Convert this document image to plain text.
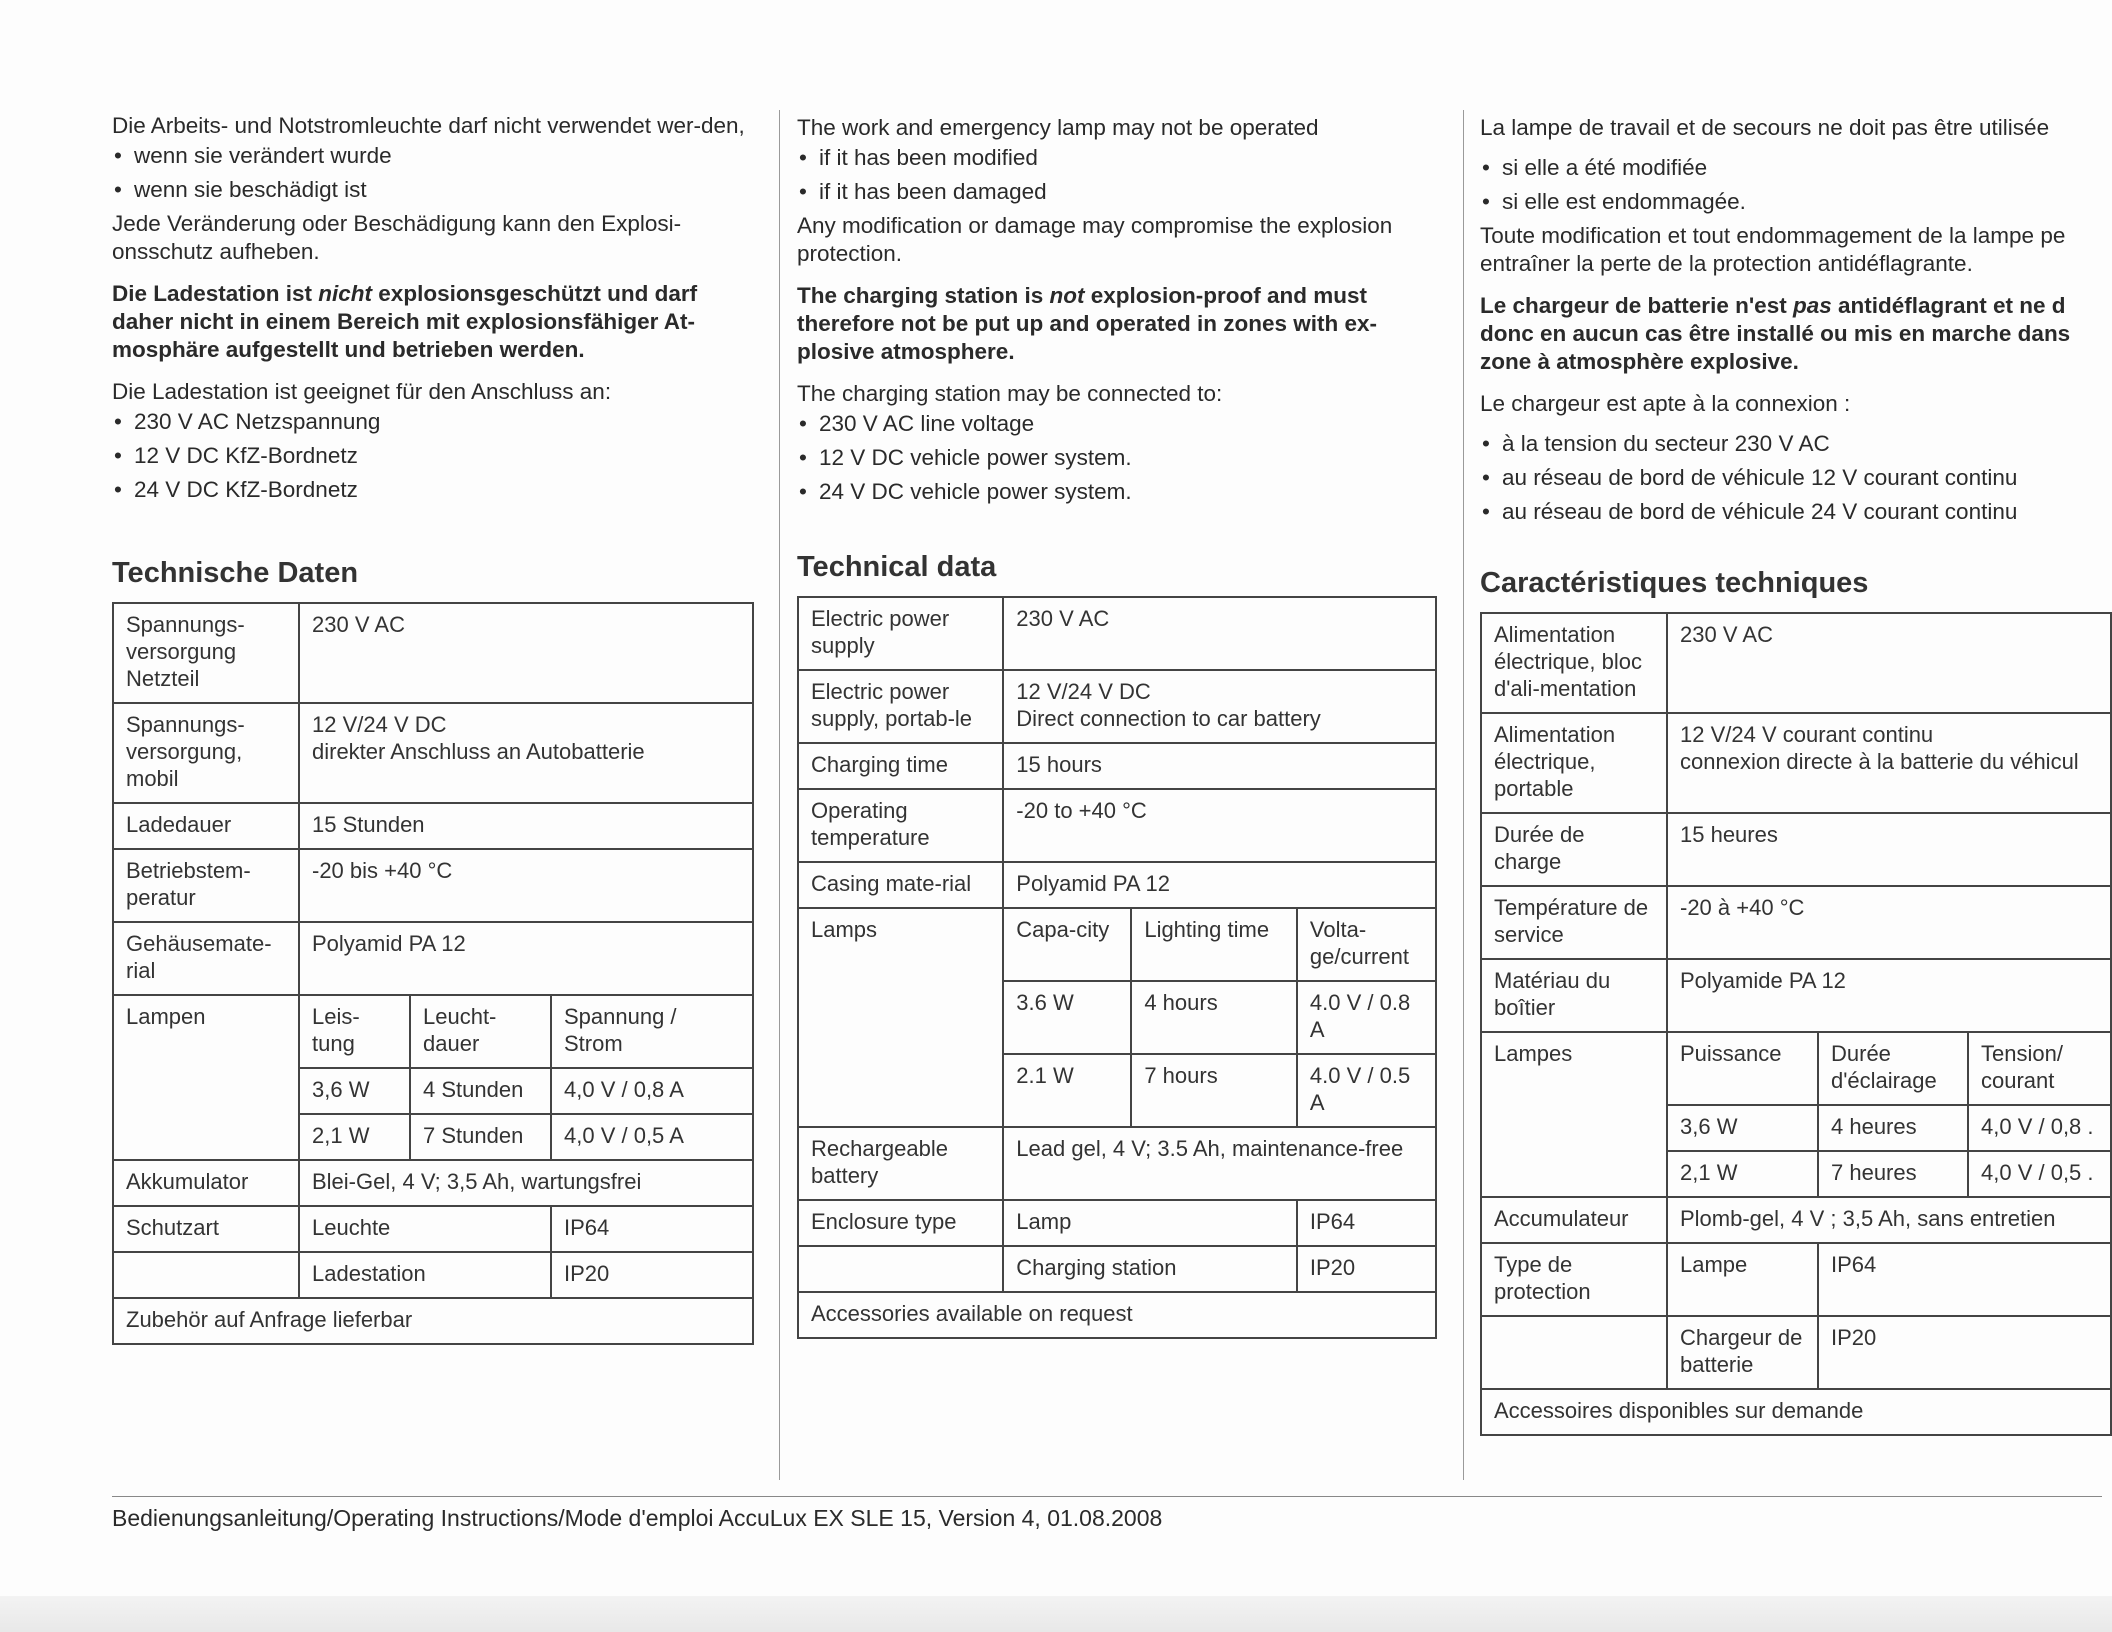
Die Arbeits- und Notstromleuchte darf nicht verwendet wer-den,

• wenn sie verändert wurde

• wenn sie beschädigt ist

Jede Veränderung oder Beschädigung kann den Explosi-onsschutz aufheben.

Die Ladestation ist nicht explosionsgeschützt und darf daher nicht in einem Bereich mit explosionsfähiger At-mosphäre aufgestellt und betrieben werden.

Die Ladestation ist geeignet für den Anschluss an:

• 230 V AC Netzspannung

• 12 V DC KfZ-Bordnetz

• 24 V DC KfZ-Bordnetz

Technische Daten
Spannungs-versorgung Netzteil	230 V AC		
Spannungs-versorgung, mobil	12 V/24 V DC
direkter Anschluss an Autobatterie		

Ladedauer	15 Stunden		
Betriebstem-peratur	-20 bis +40 °C		
Gehäusemate-rial	Polyamid PA 12		
Lampen	Leis-tung	Leucht-dauer	Spannung / Strom
	3,6 W	4 Stunden	4,0 V / 0,8 A
	2,1 W	7 Stunden	4,0 V / 0,5 A
Akkumulator	Blei-Gel, 4 V; 3,5 Ah, wartungsfrei		
Schutzart	Leuchte		IP64
	Ladestation		IP20
Zubehör auf Anfrage lieferbar			

The work and emergency lamp may not be operated

• if it has been modified

• if it has been damaged

Any modification or damage may compromise the explosion protection.

The charging station is not explosion-proof and must therefore not be put up and operated in zones with ex-plosive atmosphere.

The charging station may be connected to:

• 230 V AC line voltage

• 12 V DC vehicle power system.

• 24 V DC vehicle power system.

Technical data
Electric power supply	230 V AC		
Electric power supply, portab-le	12 V/24 V DC
Direct connection to car battery		

Charging time	15 hours		
Operating temperature	-20 to +40 °C		
Casing mate-rial	Polyamid PA 12		
Lamps	Capa-city	Lighting time	Volta-ge/current
	3.6 W	4 hours	4.0 V / 0.8 A
	2.1 W	7 hours	4.0 V / 0.5 A
Rechargeable battery	Lead gel, 4 V; 3.5 Ah, maintenance-free		
Enclosure type	Lamp		IP64
	Charging station		IP20
Accessories available on request			

La lampe de travail et de secours ne doit pas être utilisée

• si elle a été modifiée

• si elle est endommagée.

Toute modification et tout endommagement de la lampe pe entraîner la perte de la protection antidéflagrante.

Le chargeur de batterie n'est pas antidéflagrant et ne d donc en aucun cas être installé ou mis en marche dans zone à atmosphère explosive.

Le chargeur est apte à la connexion :

• à la tension du secteur 230 V AC

• au réseau de bord de véhicule 12 V courant continu

• au réseau de bord de véhicule 24 V courant continu

Caractéristiques techniques
Alimentation électrique, bloc d'ali-mentation	230 V AC		
Alimentation électrique, portable	12 V/24 V courant continu
connexion directe à la batterie du véhicul		

Durée de charge	15 heures		
Température de service	-20 à +40 °C		
Matériau du boîtier	Polyamide PA 12		
Lampes	Puissance	Durée d'éclairage	Tension/ courant
	3,6 W	4 heures	4,0 V / 0,8 .
	2,1 W	7 heures	4,0 V / 0,5 .
Accumulateur	Plomb-gel, 4 V ; 3,5 Ah, sans entretien		
Type de protection	Lampe	IP64	
	Chargeur de batterie	IP20	
Accessoires disponibles sur demande			
Bedienungsanleitung/Operating Instructions/Mode d'emploi AccuLux EX SLE 15, Version 4, 01.08.2008
